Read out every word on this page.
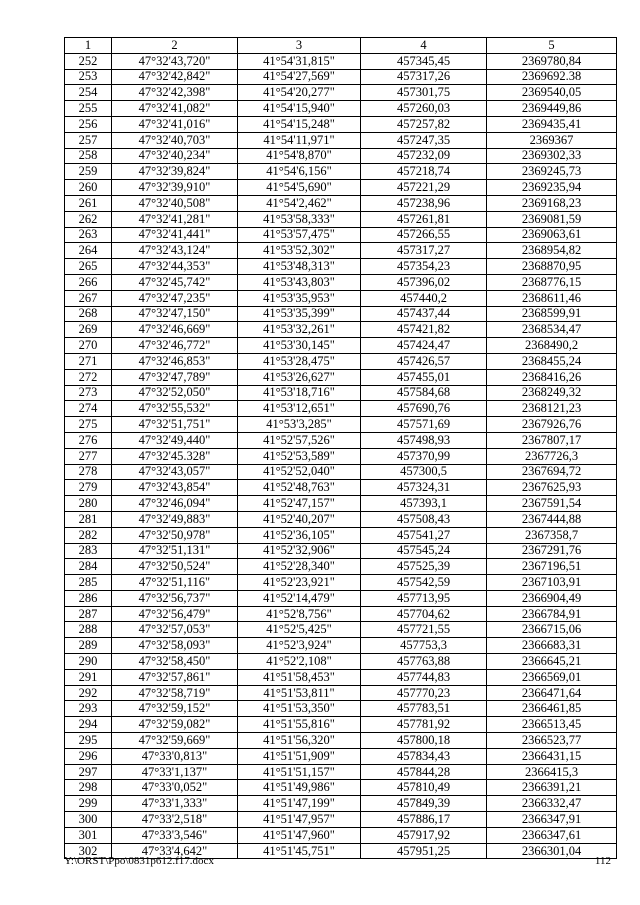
1	2	3	4	5
252	47°32'43,720"	41°54'31,815"	457345,45	2369780,84
253	47°32'42,842"	41°54'27,569"	457317,26	2369692.38
254	47°32'42,398"	41°54'20,277"	457301,75	2369540,05
255	47°32'41,082"	41°54'15,940"	457260,03	2369449,86
256	47°32'41,016"	41°54'15,248"	457257,82	2369435,41
257	47°32'40,703"	41°54'11,971"	457247,35	2369367
258	47°32'40,234"	41°54'8,870"	457232,09	2369302,33
259	47°32'39,824"	41°54'6,156"	457218,74	2369245,73
260	47°32'39,910"	41°54'5,690"	457221,29	2369235,94
261	47°32'40,508"	41°54'2,462"	457238,96	2369168,23
262	47°32'41,281"	41°53'58,333"	457261,81	2369081,59
263	47°32'41,441"	41°53'57,475"	457266,55	2369063,61
264	47°32'43,124"	41°53'52,302"	457317,27	2368954,82
265	47°32'44,353"	41°53'48,313"	457354,23	2368870,95
266	47°32'45,742"	41°53'43,803"	457396,02	2368776,15
267	47°32'47,235"	41°53'35,953"	457440,2	2368611,46
268	47°32'47,150"	41°53'35,399"	457437,44	2368599,91
269	47°32'46,669"	41°53'32,261"	457421,82	2368534,47
270	47°32'46,772"	41°53'30,145"	457424,47	2368490,2
271	47°32'46,853"	41°53'28,475"	457426,57	2368455,24
272	47°32'47,789"	41°53'26,627"	457455,01	2368416,26
273	47°32'52,050"	41°53'18,716"	457584,68	2368249,32
274	47°32'55,532"	41°53'12,651"	457690,76	2368121,23
275	47°32'51,751"	41°53'3,285"	457571,69	2367926,76
276	47°32'49,440"	41°52'57,526"	457498,93	2367807,17
277	47°32'45.328"	41°52'53,589"	457370,99	2367726,3
278	47°32'43,057"	41°52'52,040"	457300,5	2367694,72
279	47°32'43,854"	41°52'48,763"	457324,31	2367625,93
280	47°32'46,094"	41°52'47,157"	457393,1	2367591,54
281	47°32'49,883"	41°52'40,207"	457508,43	2367444,88
282	47°32'50,978"	41°52'36,105"	457541,27	2367358,7
283	47°32'51,131"	41°52'32,906"	457545,24	2367291,76
284	47°32'50,524"	41°52'28,340"	457525,39	2367196,51
285	47°32'51,116"	41°52'23,921"	457542,59	2367103,91
286	47°32'56,737"	41°52'14,479"	457713,95	2366904,49
287	47°32'56,479"	41°52'8,756"	457704,62	2366784,91
288	47°32'57,053"	41°52'5,425"	457721,55	2366715,06
289	47°32'58,093"	41°52'3,924"	457753,3	2366683,31
290	47°32'58,450"	41°52'2,108"	457763,88	2366645,21
291	47°32'57,861"	41°51'58,453"	457744,83	2366569,01
292	47°32'58,719"	41°51'53,811"	457770,23	2366471,64
293	47°32'59,152"	41°51'53,350"	457783,51	2366461,85
294	47°32'59,082"	41°51'55,816"	457781,92	2366513,45
295	47°32'59,669"	41°51'56,320"	457800,18	2366523,77
296	47°33'0,813"	41°51'51,909"	457834,43	2366431,15
297	47°33'1,137"	41°51'51,157"	457844,28	2366415,3
298	47°33'0,052"	41°51'49,986"	457810,49	2366391,21
299	47°33'1,333"	41°51'47,199"	457849,39	2366332,47
300	47°33'2,518"	41°51'47,957"	457886,17	2366347,91
301	47°33'3,546"	41°51'47,960"	457917,92	2366347,61
302	47°33'4,642"	41°51'45,751"	457951,25	2366301,04
Y:\ORST\Ppo\0831p612.f17.docx	112
